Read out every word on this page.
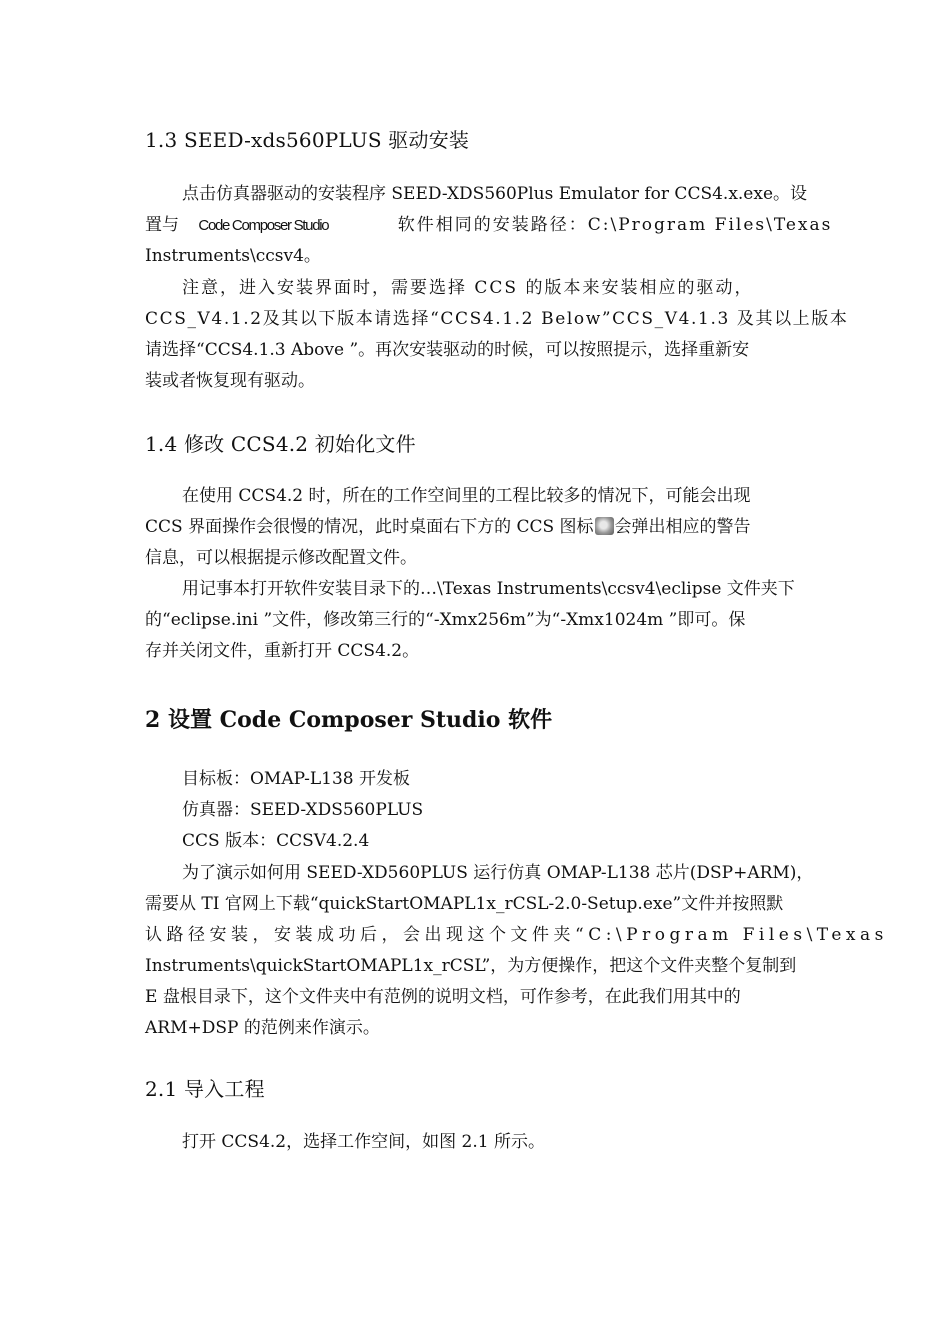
1.3 SEED-xds560PLUS 驱动安装
点击仿真器驱动的安装程序 SEED-XDS560Plus Emulator for CCS4.x.exe。设
置与 Code Composer Studio	软件相同的安装路径：C:\Program Files\Texas
Instruments\ccsv4。
注意，进入安装界面时，需要选择 CCS 的版本来安装相应的驱动，
CCS_V4.1.2及其以下版本请选择“CCS4.1.2 Below”CCS_V4.1.3 及其以上版本
请选择“CCS4.1.3 Above ”。再次安装驱动的时候，可以按照提示，选择重新安
装或者恢复现有驱动。
1.4 修改 CCS4.2 初始化文件
在使用 CCS4.2 时，所在的工作空间里的工程比较多的情况下，可能会出现
CCS 界面操作会很慢的情况，此时桌面右下方的 CCS 图标 会弹出相应的警告
信息，可以根据提示修改配置文件。
用记事本打开软件安装目录下的…\Texas Instruments\ccsv4\eclipse 文件夹下
的“eclipse.ini ”文件，修改第三行的“-Xmx256m”为“-Xmx1024m ”即可。保
存并关闭文件，重新打开 CCS4.2。
2 设置 Code Composer Studio 软件
目标板：OMAP-L138 开发板
仿真器：SEED-XDS560PLUS
CCS 版本：CCSV4.2.4
为了演示如何用 SEED-XD560PLUS 运行仿真 OMAP-L138 芯片(DSP+ARM)，
需要从 TI 官网上下载“quickStartOMAPL1x_rCSL-2.0-Setup.exe”文件并按照默
认路径安装，安装成功后，会出现这个文件夹“C:\Program Files\Texas
Instruments\quickStartOMAPL1x_rCSL”，为方便操作，把这个文件夹整个复制到
E 盘根目录下，这个文件夹中有范例的说明文档，可作参考，在此我们用其中的
ARM+DSP 的范例来作演示。
2.1 导入工程
打开 CCS4.2，选择工作空间，如图 2.1 所示。
